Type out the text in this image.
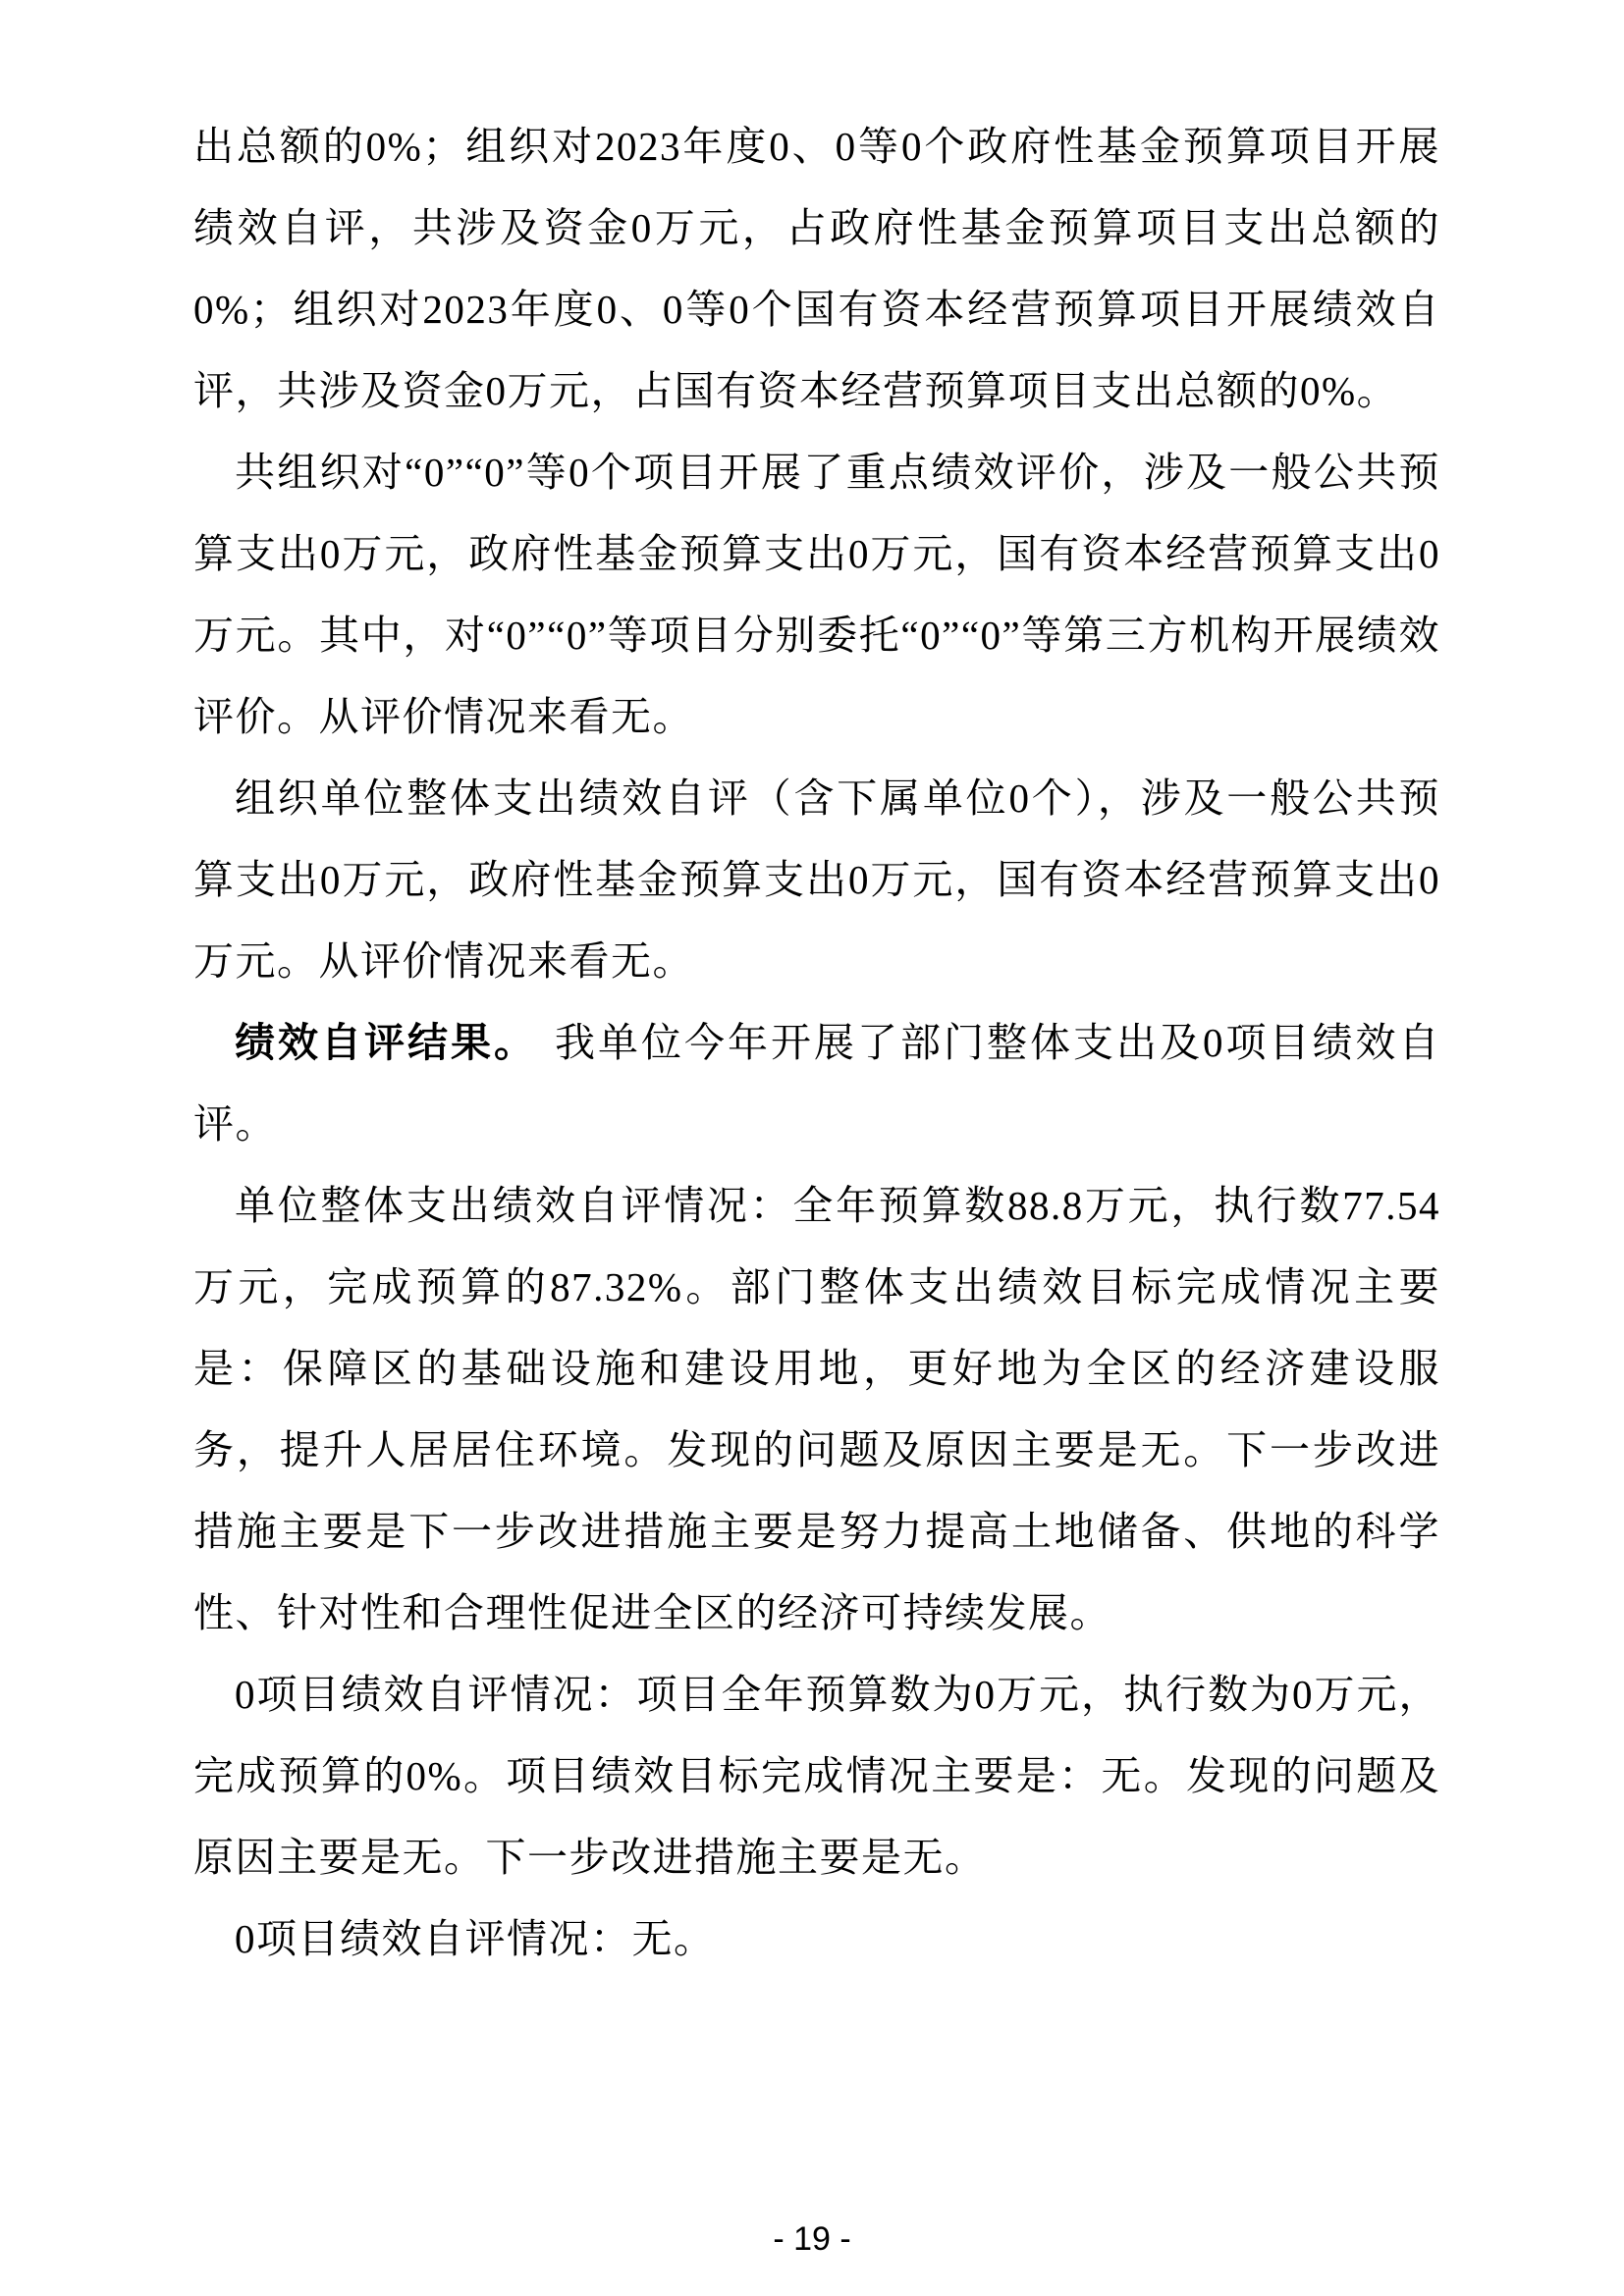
出总额的0%；组织对2023年度0、0等0个政府性基金预算项目开展绩效自评，共涉及资金0万元，占政府性基金预算项目支出总额的0%；组织对2023年度0、0等0个国有资本经营预算项目开展绩效自评，共涉及资金0万元，占国有资本经营预算项目支出总额的0%。

共组织对“0”“0”等0个项目开展了重点绩效评价，涉及一般公共预算支出0万元，政府性基金预算支出0万元，国有资本经营预算支出0万元。其中，对“0”“0”等项目分别委托“0”“0”等第三方机构开展绩效评价。从评价情况来看无。

组织单位整体支出绩效自评（含下属单位0个），涉及一般公共预算支出0万元，政府性基金预算支出0万元，国有资本经营预算支出0万元。从评价情况来看无。

绩效自评结果。 我单位今年开展了部门整体支出及0项目绩效自评。

单位整体支出绩效自评情况：全年预算数88.8万元，执行数77.54万元，完成预算的87.32%。部门整体支出绩效目标完成情况主要是：保障区的基础设施和建设用地，更好地为全区的经济建设服务，提升人居居住环境。发现的问题及原因主要是无。下一步改进措施主要是下一步改进措施主要是努力提高土地储备、供地的科学性、针对性和合理性促进全区的经济可持续发展。

0项目绩效自评情况：项目全年预算数为0万元，执行数为0万元，完成预算的0%。项目绩效目标完成情况主要是：无。发现的问题及原因主要是无。下一步改进措施主要是无。

0项目绩效自评情况：无。

- 19 -
